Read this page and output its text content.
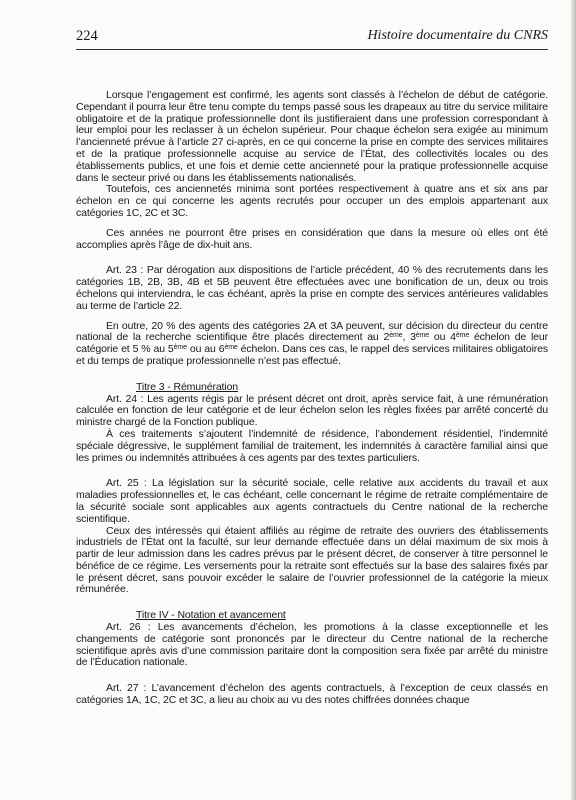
224	Histoire documentaire du CNRS

Lorsque l’engagement est confirmé, les agents sont classés à l’échelon de début de catégorie. Cependant il pourra leur être tenu compte du temps passé sous les drapeaux au titre du service militaire obligatoire et de la pratique professionnelle dont ils justifieraient dans une profession correspondant à leur emploi pour les reclasser à un échelon supérieur. Pour chaque échelon sera exigée au minimum l’ancienneté prévue à l’article 27 ci-après, en ce qui concerne la prise en compte des services militaires et de la pratique professionnelle acquise au service de l’État, des collectivités locales ou des établissements publics, et une fois et demie cette ancienneté pour la pratique professionnelle acquise dans le secteur privé ou dans les établissements nationalisés.

Toutefois, ces anciennetés minima sont portées respectivement à quatre ans et six ans par échelon en ce qui concerne les agents recrutés pour occuper un des emplois appartenant aux catégories 1C, 2C et 3C.

Ces années ne pourront être prises en considération que dans la mesure où elles ont été accomplies après l’âge de dix-huit ans.

Art. 23 : Par dérogation aux dispositions de l’article précédent, 40 % des recrutements dans les catégories 1B, 2B, 3B, 4B et 5B peuvent être effectuées avec une bonification de un, deux ou trois échelons qui interviendra, le cas échéant, après la prise en compte des services antérieures validables au terme de l’article 22.

En outre, 20 % des agents des catégories 2A et 3A peuvent, sur décision du directeur du centre national de la recherche scientifique être placés directement au 2ème, 3ème ou 4ème échelon de leur catégorie et 5 % au 5ème ou au 6ème échelon. Dans ces cas, le rappel des services militaires obligatoires et du temps de pratique professionnelle n’est pas effectué.

Titre 3 - Rémunération

Art. 24 : Les agents régis par le présent décret ont droit, après service fait, à une rémunération calculée en fonction de leur catégorie et de leur échelon selon les règles fixées par arrêté concerté du ministre chargé de la Fonction publique.

À ces traitements s’ajoutent l’indemnité de résidence, l’abondement résidentiel, l’indemnité spéciale dégressive, le supplément familial de traitement, les indemnités à caractère familial ainsi que les primes ou indemnités attribuées à ces agents par des textes particuliers.

Art. 25 : La législation sur la sécurité sociale, celle relative aux accidents du travail et aux maladies professionnelles et, le cas échéant, celle concernant le régime de retraite complémentaire de la sécurité sociale sont applicables aux agents contractuels du Centre national de la recherche scientifique.

Ceux des intéressés qui étaient affiliés au régime de retraite des ouvriers des établissements industriels de l’État ont la faculté, sur leur demande effectuée dans un délai maximum de six mois à partir de leur admission dans les cadres prévus par le présent décret, de conserver à titre personnel le bénéfice de ce régime. Les versements pour la retraite sont effectués sur la base des salaires fixés par le présent décret, sans pouvoir excéder le salaire de l’ouvrier professionnel de la catégorie la mieux rémunérée.

Titre IV - Notation et avancement

Art. 26 : Les avancements d’échelon, les promotions à la classe exceptionnelle et les changements de catégorie sont prononcés par le directeur du Centre national de la recherche scientifique après avis d’une commission paritaire dont la composition sera fixée par arrêté du ministre de l’Éducation nationale.

Art. 27 : L’avancement d’échelon des agents contractuels, à l’exception de ceux classés en catégories 1A, 1C, 2C et 3C, a lieu au choix au vu des notes chiffrées données chaque
